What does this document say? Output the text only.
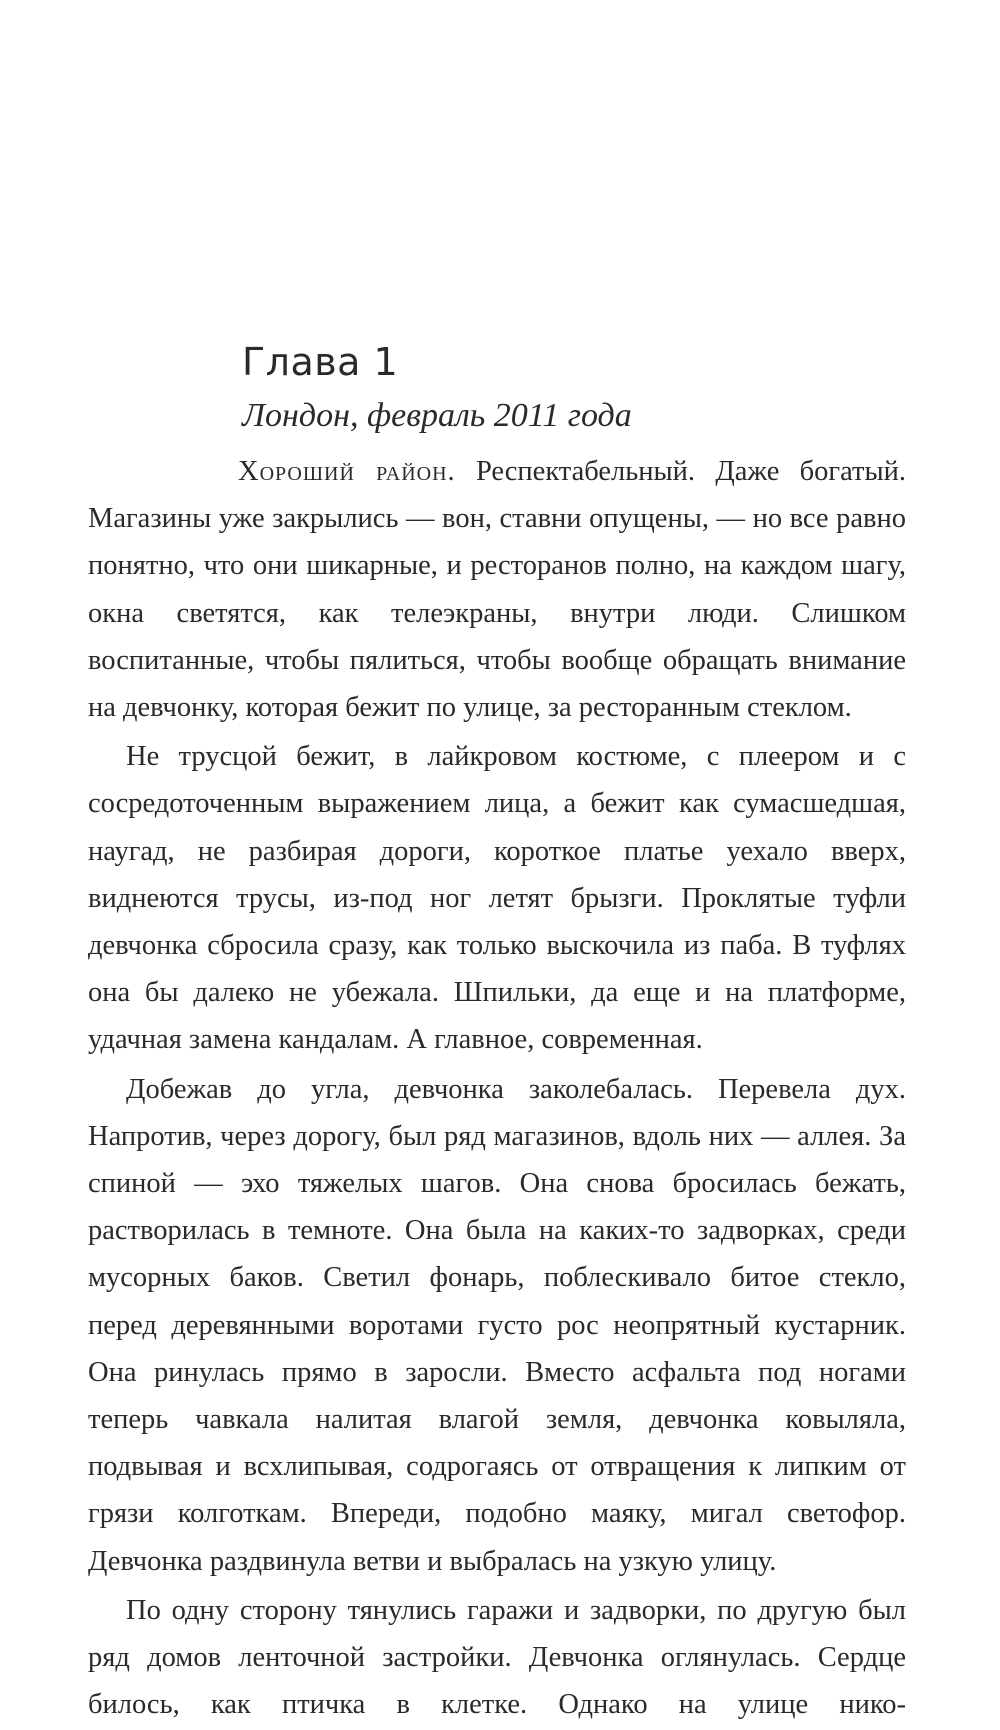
Глава 1
Лондон, февраль 2011 года

Хороший район. Респектабельный. Даже богатый. Магазины уже закрылись — вон, ставни опущены, — но все равно понятно, что они шикарные, и ресторанов полно, на каждом шагу, окна светятся, как телеэкраны, внутри люди. Слишком воспитанные, чтобы пялиться, чтобы вообще обращать внимание на девчонку, которая бежит по улице, за ресторанным стеклом.

Не трусцой бежит, в лайкровом костюме, с плеером и с сосредоточенным выражением лица, а бежит как сумасшедшая, наугад, не разбирая дороги, короткое платье уехало вверх, виднеются трусы, из-под ног летят брызги. Проклятые туфли девчонка сбросила сразу, как только выскочила из паба. В туфлях она бы далеко не убежала. Шпильки, да еще и на платформе, удачная замена кандалам. А главное, современная.

Добежав до угла, девчонка заколебалась. Перевела дух. Напротив, через дорогу, был ряд магазинов, вдоль них — аллея. За спиной — эхо тяжелых шагов. Она снова бросилась бежать, растворилась в темноте. Она была на каких-то задворках, среди мусорных баков. Светил фонарь, поблескивало битое стекло, перед деревянными воротами густо рос неопрятный кустарник. Она ринулась прямо в заросли. Вместо асфальта под ногами теперь чавкала налитая влагой земля, девчонка ковыляла, подвывая и всхлипывая, содрогаясь от отвращения к липким от грязи колготкам. Впереди, подобно маяку, мигал светофор. Девчонка раздвинула ветви и выбралась на узкую улицу.

По одну сторону тянулись гаражи и задворки, по другую был ряд домов ленточной застройки. Девчонка оглянулась. Сердце билось, как птичка в клетке. Однако на улице нико-
